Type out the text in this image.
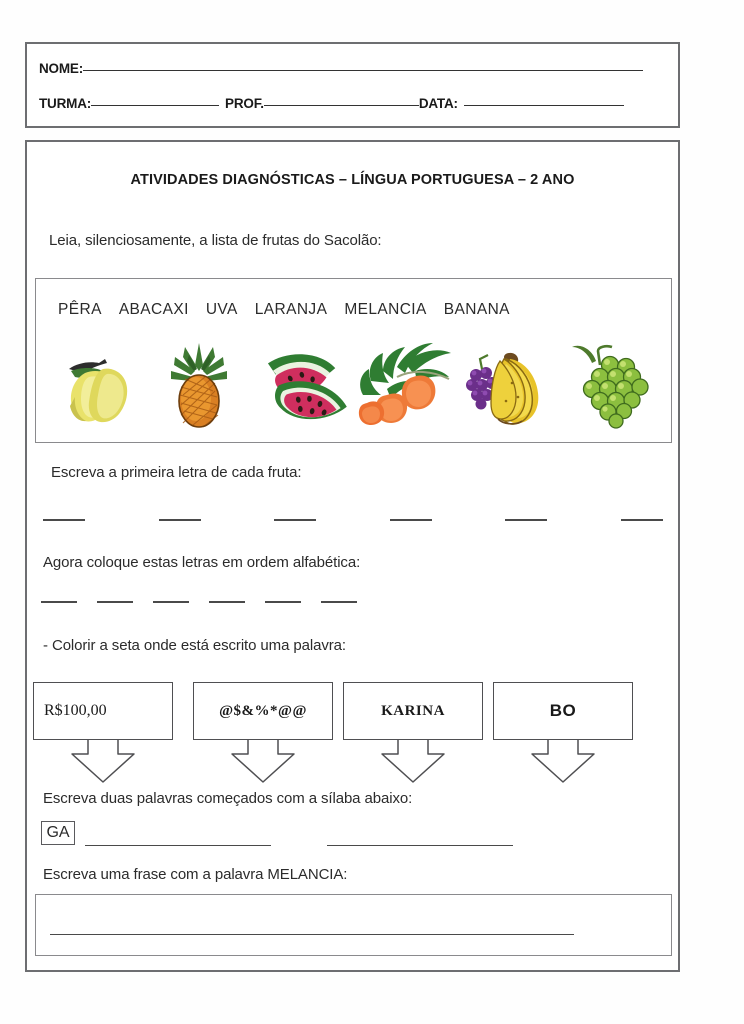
NOME:
TURMA:	PROF.	DATA:
ATIVIDADES DIAGNÓSTICAS – LÍNGUA PORTUGUESA – 2 ANO
Leia, silenciosamente, a lista de frutas do Sacolão:
PÊRA ABACAXI UVA LARANJA MELANCIA BANANA
Escreva a primeira letra de cada fruta:
Agora coloque estas letras em ordem alfabética:
- Colorir a seta onde está escrito uma palavra:
R$100,00	@$&%*@@	KARINA	BO
Escreva duas palavras começados com a sílaba abaixo:
GA
Escreva uma frase com a palavra MELANCIA:
